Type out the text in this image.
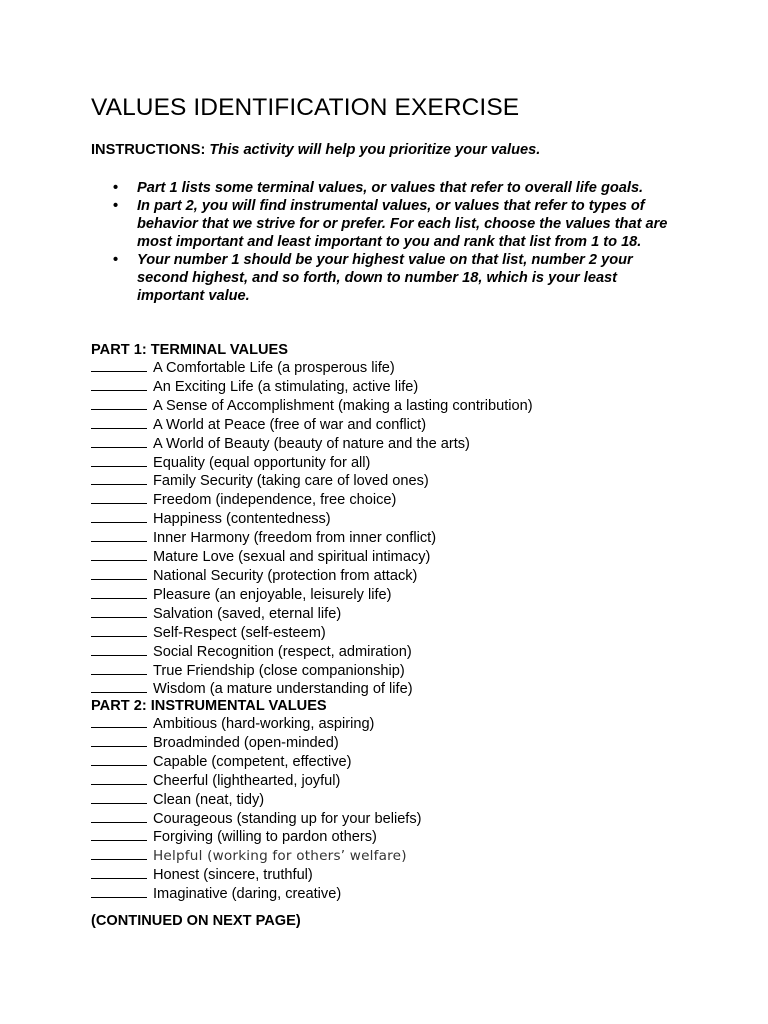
VALUES IDENTIFICATION EXERCISE
INSTRUCTIONS: This activity will help you prioritize your values.
• Part 1 lists some terminal values, or values that refer to overall life goals.
• In part 2, you will find instrumental values, or values that refer to types of behavior that we strive for or prefer. For each list, choose the values that are most important and least important to you and rank that list from 1 to 18.
• Your number 1 should be your highest value on that list, number 2 your second highest, and so forth, down to number 18, which is your least important value.
PART 1: TERMINAL VALUES
A Comfortable Life (a prosperous life)
An Exciting Life (a stimulating, active life)
A Sense of Accomplishment (making a lasting contribution)
A World at Peace (free of war and conflict)
A World of Beauty (beauty of nature and the arts)
Equality (equal opportunity for all)
Family Security (taking care of loved ones)
Freedom (independence, free choice)
Happiness (contentedness)
Inner Harmony (freedom from inner conflict)
Mature Love (sexual and spiritual intimacy)
National Security (protection from attack)
Pleasure (an enjoyable, leisurely life)
Salvation (saved, eternal life)
Self-Respect (self-esteem)
Social Recognition (respect, admiration)
True Friendship (close companionship)
Wisdom (a mature understanding of life)
PART 2: INSTRUMENTAL VALUES
Ambitious (hard-working, aspiring)
Broadminded (open-minded)
Capable (competent, effective)
Cheerful (lighthearted, joyful)
Clean (neat, tidy)
Courageous (standing up for your beliefs)
Forgiving (willing to pardon others)
Helpful (working for others’ welfare)
Honest (sincere, truthful)
Imaginative (daring, creative)
(CONTINUED ON NEXT PAGE)
